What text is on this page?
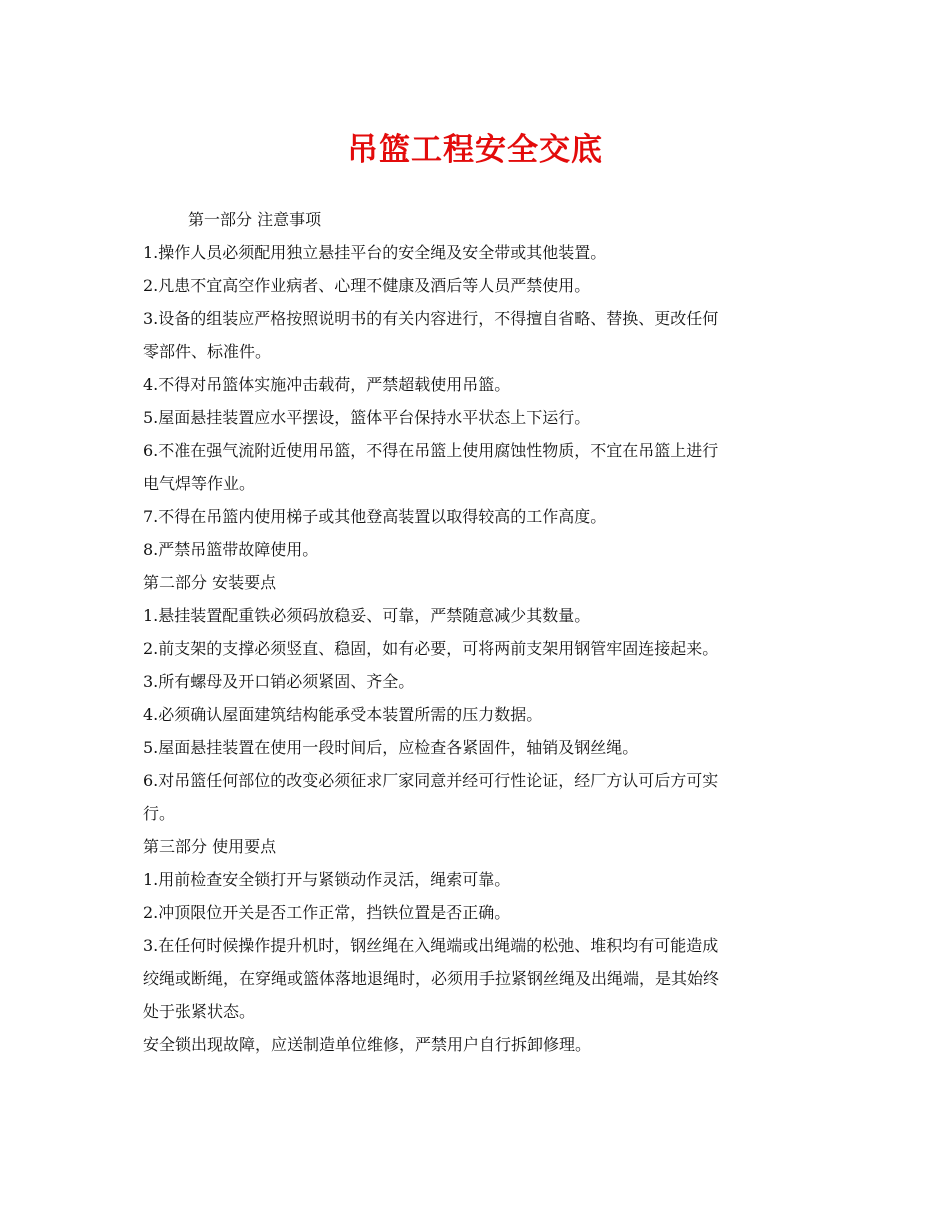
吊篮工程安全交底

第一部分 注意事项

1.操作人员必须配用独立悬挂平台的安全绳及安全带或其他装置。

2.凡患不宜高空作业病者、心理不健康及酒后等人员严禁使用。

3.设备的组装应严格按照说明书的有关内容进行，不得擅自省略、替换、更改任何

零部件、标准件。

4.不得对吊篮体实施冲击载荷，严禁超载使用吊篮。

5.屋面悬挂装置应水平摆设，篮体平台保持水平状态上下运行。

6.不准在强气流附近使用吊篮，不得在吊篮上使用腐蚀性物质，不宜在吊篮上进行

电气焊等作业。

7.不得在吊篮内使用梯子或其他登高装置以取得较高的工作高度。

8.严禁吊篮带故障使用。

第二部分 安装要点

1.悬挂装置配重铁必须码放稳妥、可靠，严禁随意减少其数量。

2.前支架的支撑必须竖直、稳固，如有必要，可将两前支架用钢管牢固连接起来。

3.所有螺母及开口销必须紧固、齐全。

4.必须确认屋面建筑结构能承受本装置所需的压力数据。

5.屋面悬挂装置在使用一段时间后，应检查各紧固件，轴销及钢丝绳。

6.对吊篮任何部位的改变必须征求厂家同意并经可行性论证，经厂方认可后方可实

行。

第三部分 使用要点

1.用前检查安全锁打开与紧锁动作灵活，绳索可靠。

2.冲顶限位开关是否工作正常，挡铁位置是否正确。

3.在任何时候操作提升机时，钢丝绳在入绳端或出绳端的松弛、堆积均有可能造成

绞绳或断绳，在穿绳或篮体落地退绳时，必须用手拉紧钢丝绳及出绳端，是其始终

处于张紧状态。

安全锁出现故障，应送制造单位维修，严禁用户自行拆卸修理。
